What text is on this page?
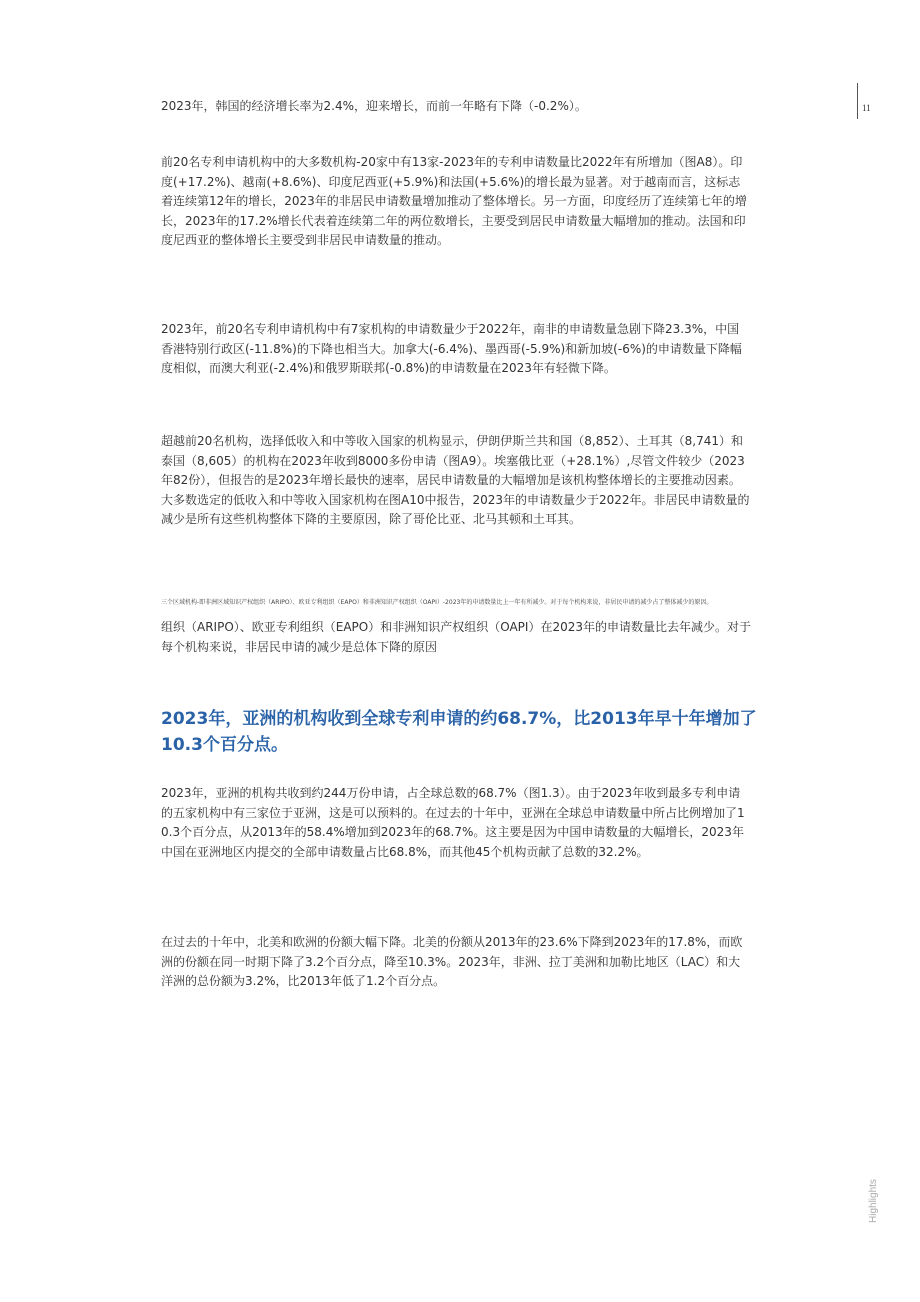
11

2023年，韩国的经济增长率为2.4%，迎来增长，而前一年略有下降（-0.2%）。

前20名专利申请机构中的大多数机构-20家中有13家-2023年的专利申请数量比2022年有所增加（图A8）。印度(+17.2%)、越南(+8.6%)、印度尼西亚(+5.9%)和法国(+5.6%)的增长最为显著。对于越南而言，这标志着连续第12年的增长，2023年的非居民申请数量增加推动了整体增长。另一方面，印度经历了连续第七年的增长，2023年的17.2%增长代表着连续第二年的两位数增长，主要受到居民申请数量大幅增加的推动。法国和印度尼西亚的整体增长主要受到非居民申请数量的推动。

2023年，前20名专利申请机构中有7家机构的申请数量少于2022年，南非的申请数量急剧下降23.3%，中国香港特别行政区(-11.8%)的下降也相当大。加拿大(-6.4%)、墨西哥(-5.9%)和新加坡(-6%)的申请数量下降幅度相似，而澳大利亚(-2.4%)和俄罗斯联邦(-0.8%)的申请数量在2023年有轻微下降。

超越前20名机构，选择低收入和中等收入国家的机构显示，伊朗伊斯兰共和国（8,852）、土耳其（8,741）和泰国（8,605）的机构在2023年收到8000多份申请（图A9）。埃塞俄比亚（+28.1%）,尽管文件较少（2023年82份），但报告的是2023年增长最快的速率，居民申请数量的大幅增加是该机构整体增长的主要推动因素。大多数选定的低收入和中等收入国家机构在图A10中报告，2023年的申请数量少于2022年。非居民申请数量的减少是所有这些机构整体下降的主要原因，除了哥伦比亚、北马其顿和土耳其。

三个区域机构-即非洲区域知识产权组织（ARIPO）、欧亚专利组织（EAPO）和非洲知识产权组织（OAPI）-2023年的申请数量比上一年有所减少。对于每个机构来说，非居民申请的减少占了整体减少的原因。

组织（ARIPO）、欧亚专利组织（EAPO）和非洲知识产权组织（OAPI）在2023年的申请数量比去年减少。对于每个机构来说，非居民申请的减少是总体下降的原因

2023年，亚洲的机构收到全球专利申请的约68.7%，比2013年早十年增加了10.3个百分点。

2023年，亚洲的机构共收到约244万份申请，占全球总数的68.7%（图1.3）。由于2023年收到最多专利申请的五家机构中有三家位于亚洲，这是可以预料的。在过去的十年中，亚洲在全球总申请数量中所占比例增加了10.3个百分点，从2013年的58.4%增加到2023年的68.7%。这主要是因为中国申请数量的大幅增长，2023年中国在亚洲地区内提交的全部申请数量占比68.8%，而其他45个机构贡献了总数的32.2%。

在过去的十年中，北美和欧洲的份额大幅下降。北美的份额从2013年的23.6%下降到2023年的17.8%，而欧洲的份额在同一时期下降了3.2个百分点，降至10.3%。2023年，非洲、拉丁美洲和加勒比地区（LAC）和大洋洲的总份额为3.2%，比2013年低了1.2个百分点。

Highlights
